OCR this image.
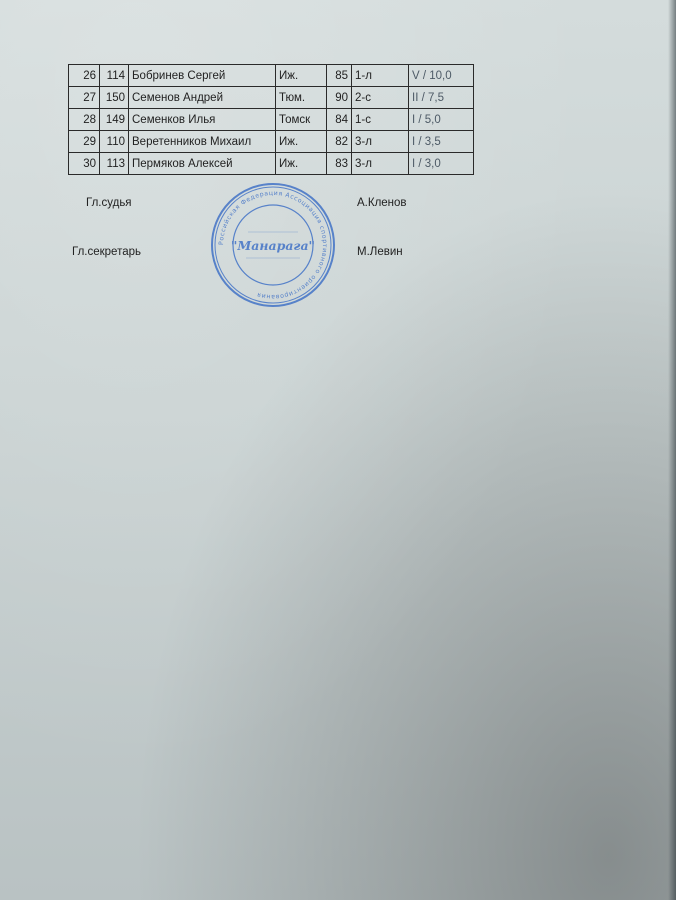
26	114	Бобринев Сергей	Иж.	85	1-л	V / 10,0
27	150	Семенов Андрей	Тюм.	90	2-с	II / 7,5
28	149	Семенков Илья	Томск	84	1-с	I / 5,0
29	110	Веретенников Михаил	Иж.	82	3-л	I / 3,5
30	113	Пермяков Алексей	Иж.	83	3-л	I / 3,0
Гл.судья	А.Кленов
Гл.секретарь	М.Левин
Российская Федерация Ассоциация спортивного ориентирования
"Манарага"
